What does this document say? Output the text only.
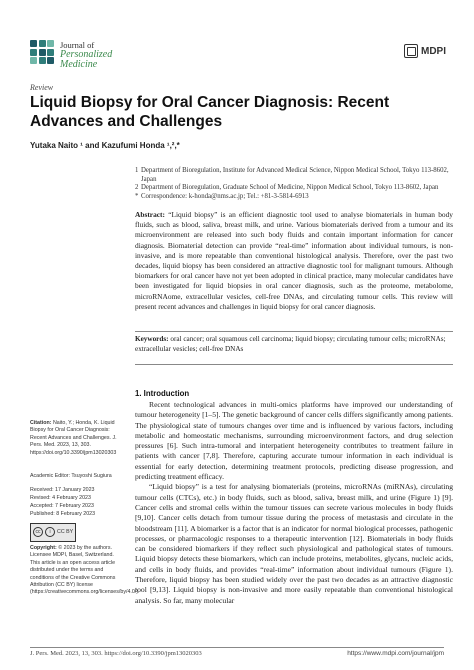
Journal of
Personalized
Medicine
MDPI
Review
Liquid Biopsy for Oral Cancer Diagnosis: Recent Advances and Challenges
Yutaka Naito ¹ and Kazufumi Honda ¹,²,*
1 Department of Bioregulation, Institute for Advanced Medical Science, Nippon Medical School, Tokyo 113-8602, Japan
2 Department of Bioregulation, Graduate School of Medicine, Nippon Medical School, Tokyo 113-8602, Japan
* Correspondence: k-honda@nms.ac.jp; Tel.: +81-3-5814-6913
Abstract: “Liquid biopsy” is an efficient diagnostic tool used to analyse biomaterials in human body fluids, such as blood, saliva, breast milk, and urine. Various biomaterials derived from a tumour and its microenvironment are released into such body fluids and contain important information for cancer diagnosis. Biomaterial detection can provide “real-time” information about individual tumours, is non-invasive, and is more repeatable than conventional histological analysis. Therefore, over the past two decades, liquid biopsy has been considered an attractive diagnostic tool for malignant tumours. Although biomarkers for oral cancer have not yet been adopted in clinical practice, many molecular candidates have been investigated for liquid biopsies in oral cancer diagnosis, such as the proteome, metabolome, microRNAome, extracellular vesicles, cell-free DNAs, and circulating tumour cells. This review will present recent advances and challenges in liquid biopsy for oral cancer diagnosis.
Keywords: oral cancer; oral squamous cell carcinoma; liquid biopsy; circulating tumour cells; microRNAs; extracellular vesicles; cell-free DNAs
1. Introduction

Recent technological advances in multi-omics platforms have improved our understanding of tumour heterogeneity [1–5]. The genetic background of cancer cells differs significantly among patients. The physiological state of tumours changes over time and is influenced by various factors, including metabolic and homeostatic mechanisms, surrounding microenvironment factors, and drug selection pressures [6]. Such intra-tumoral and interpatient heterogeneity contributes to treatment failure in patients with cancer [7,8]. Therefore, capturing accurate tumour information in each individual is essential for early detection, determining treatment protocols, predicting disease progression, and predicting treatment efficacy.

“Liquid biopsy” is a test for analysing biomaterials (proteins, microRNAs (miRNAs), circulating tumour cells (CTCs), etc.) in body fluids, such as blood, saliva, breast milk, and urine (Figure 1) [9]. Cancer cells and stromal cells within the tumour tissues can secrete various molecules in body fluids [9,10]. Cancer cells detach from tumour tissue during the process of metastasis and circulate in the bloodstream [11]. A biomarker is a factor that is an indicator for normal biological processes, pathogenic processes, or pharmacologic responses to a therapeutic intervention [12]. Biomaterials in body fluids can be considered biomarkers if they reflect such physiological and pathological states of tumours. Liquid biopsy detects these biomarkers, which can include proteins, metabolites, glycans, nucleic acids, and cells in body fluids, and provides “real-time” information about individual tumours (Figure 1). Therefore, liquid biopsy has been studied widely over the past two decades as an attractive diagnostic tool [9,13]. Liquid biopsy is non-invasive and more easily repeatable than conventional histological analysis. So far, many molecular

Citation: Naito, Y.; Honda, K. Liquid Biopsy for Oral Cancer Diagnosis: Recent Advances and Challenges. J. Pers. Med. 2023, 13, 303. https://doi.org/10.3390/jpm13020303
Academic Editor: Tsuyoshi Sugiura
Received: 17 January 2023
Revised: 4 February 2023
Accepted: 7 February 2023
Published: 8 February 2023
cc	i	CC BY
Copyright: © 2023 by the authors. Licensee MDPI, Basel, Switzerland. This article is an open access article distributed under the terms and conditions of the Creative Commons Attribution (CC BY) license (https://creativecommons.org/licenses/by/4.0/).
J. Pers. Med. 2023, 13, 303. https://doi.org/10.3390/jpm13020303	https://www.mdpi.com/journal/jpm
